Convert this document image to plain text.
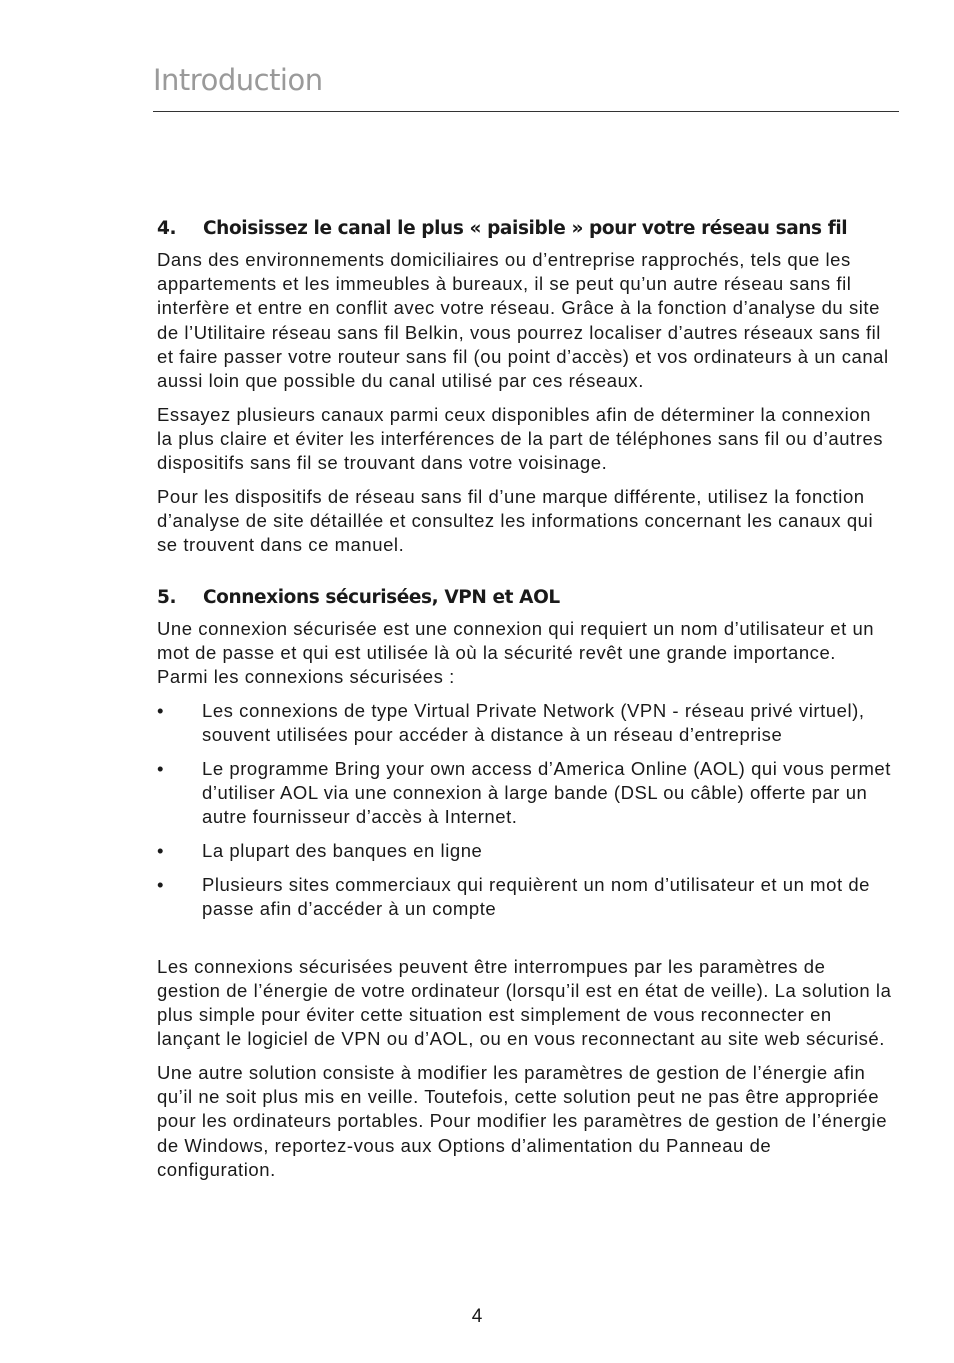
Introduction
4.	Choisissez le canal le plus « paisible » pour votre réseau sans fil

Dans des environnements domiciliaires ou d’entreprise rapprochés, tels que les appartements et les immeubles à bureaux, il se peut qu’un autre réseau sans fil interfère et entre en conflit avec votre réseau. Grâce à la fonction d’analyse du site de l’Utilitaire réseau sans fil Belkin, vous pourrez localiser d’autres réseaux sans fil et faire passer votre routeur sans fil (ou point d’accès) et vos ordinateurs à un canal aussi loin que possible du canal utilisé par ces réseaux.

Essayez plusieurs canaux parmi ceux disponibles afin de déterminer la connexion la plus claire et éviter les interférences de la part de téléphones sans fil ou d’autres dispositifs sans fil se trouvant dans votre voisinage.

Pour les dispositifs de réseau sans fil d’une marque différente, utilisez la fonction d’analyse de site détaillée et consultez les informations concernant les canaux qui se trouvent dans ce manuel.

5.	Connexions sécurisées, VPN et AOL

Une connexion sécurisée est une connexion qui requiert un nom d’utilisateur et un mot de passe et qui est utilisée là où la sécurité revêt une grande importance. Parmi les connexions sécurisées :

•	Les connexions de type Virtual Private Network (VPN - réseau privé virtuel), souvent utilisées pour accéder à distance à un réseau d’entreprise
•	Le programme Bring your own access d’America Online (AOL) qui vous permet d’utiliser AOL via une connexion à large bande (DSL ou câble) offerte par un autre fournisseur d’accès à Internet.
•	La plupart des banques en ligne
•	Plusieurs sites commerciaux qui requièrent un nom d’utilisateur et un mot de passe afin d’accéder à un compte

Les connexions sécurisées peuvent être interrompues par les paramètres de gestion de l’énergie de votre ordinateur (lorsqu’il est en état de veille). La solution la plus simple pour éviter cette situation est simplement de vous reconnecter en lançant le logiciel de VPN ou d’AOL, ou en vous reconnectant au site web sécurisé.

Une autre solution consiste à modifier les paramètres de gestion de l’énergie afin qu’il ne soit plus mis en veille. Toutefois, cette solution peut ne pas être appropriée pour les ordinateurs portables. Pour modifier les paramètres de gestion de l’énergie de Windows, reportez-vous aux Options d’alimentation du Panneau de configuration.

4
